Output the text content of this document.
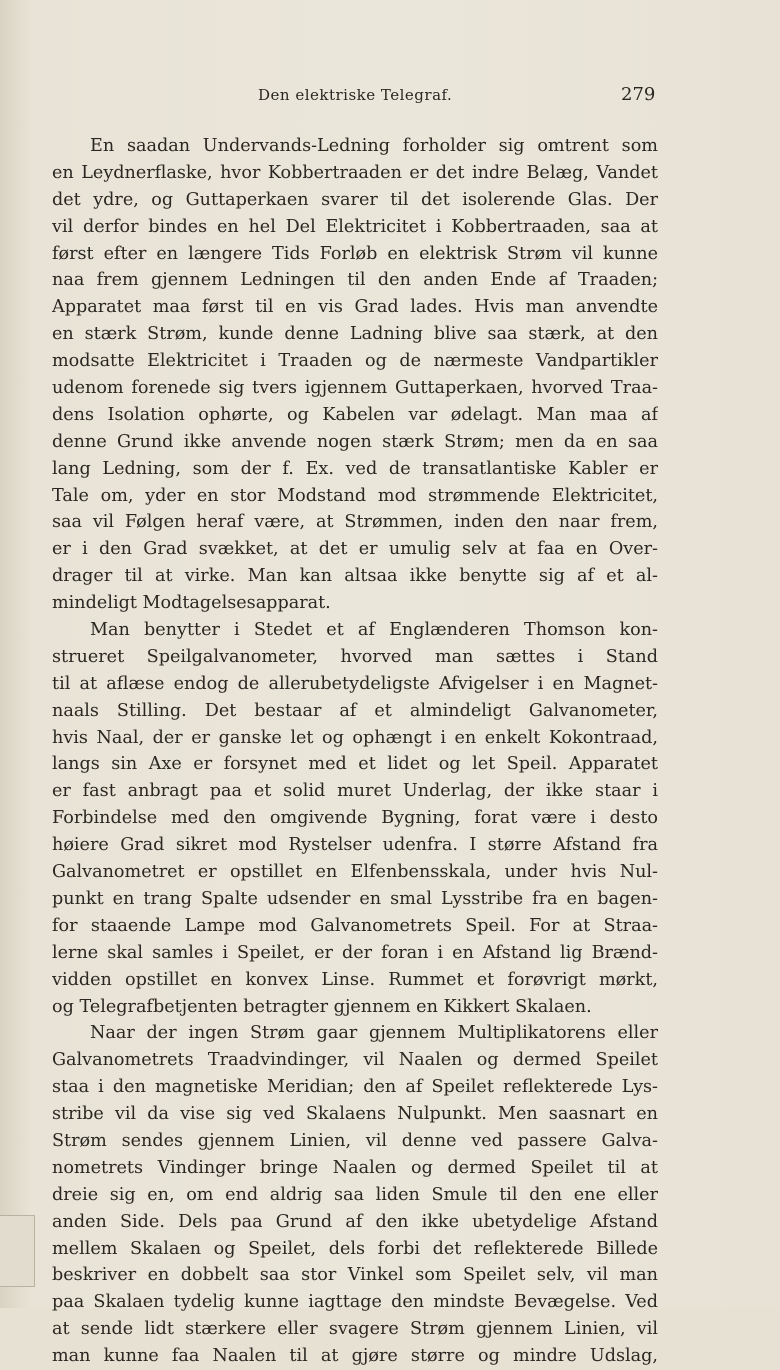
Den elektriske Telegraf.	279
En saadan Undervands-Ledning forholder sig omtrent som
en Leydnerflaske, hvor Kobbertraaden er det indre Belæg, Vandet
det ydre, og Guttaperkaen svarer til det isolerende Glas. Der
vil derfor bindes en hel Del Elektricitet i Kobbertraaden, saa at
først efter en længere Tids Forløb en elektrisk Strøm vil kunne
naa frem gjennem Ledningen til den anden Ende af Traaden;
Apparatet maa først til en vis Grad lades. Hvis man anvendte
en stærk Strøm, kunde denne Ladning blive saa stærk, at den
modsatte Elektricitet i Traaden og de nærmeste Vandpartikler
udenom forenede sig tvers igjennem Guttaperkaen, hvorved Traa-
dens Isolation ophørte, og Kabelen var ødelagt. Man maa af
denne Grund ikke anvende nogen stærk Strøm; men da en saa
lang Ledning, som der f. Ex. ved de transatlantiske Kabler er
Tale om, yder en stor Modstand mod strømmende Elektricitet,
saa vil Følgen heraf være, at Strømmen, inden den naar frem,
er i den Grad svækket, at det er umulig selv at faa en Over-
drager til at virke. Man kan altsaa ikke benytte sig af et al-
mindeligt Modtagelsesapparat.
Man benytter i Stedet et af Englænderen Thomson kon-
strueret Speilgalvanometer, hvorved man sættes i Stand
til at aflæse endog de allerubetydeligste Afvigelser i en Magnet-
naals Stilling. Det bestaar af et almindeligt Galvanometer,
hvis Naal, der er ganske let og ophængt i en enkelt Kokontraad,
langs sin Axe er forsynet med et lidet og let Speil. Apparatet
er fast anbragt paa et solid muret Underlag, der ikke staar i
Forbindelse med den omgivende Bygning, forat være i desto
høiere Grad sikret mod Rystelser udenfra. I større Afstand fra
Galvanometret er opstillet en Elfenbensskala, under hvis Nul-
punkt en trang Spalte udsender en smal Lysstribe fra en bagen-
for staaende Lampe mod Galvanometrets Speil. For at Straa-
lerne skal samles i Speilet, er der foran i en Afstand lig Brænd-
vidden opstillet en konvex Linse. Rummet et forøvrigt mørkt,
og Telegrafbetjenten betragter gjennem en Kikkert Skalaen.
Naar der ingen Strøm gaar gjennem Multiplikatorens eller
Galvanometrets Traadvindinger, vil Naalen og dermed Speilet
staa i den magnetiske Meridian; den af Speilet reflekterede Lys-
stribe vil da vise sig ved Skalaens Nulpunkt. Men saasnart en
Strøm sendes gjennem Linien, vil denne ved passere Galva-
nometrets Vindinger bringe Naalen og dermed Speilet til at
dreie sig en, om end aldrig saa liden Smule til den ene eller
anden Side. Dels paa Grund af den ikke ubetydelige Afstand
mellem Skalaen og Speilet, dels forbi det reflekterede Billede
beskriver en dobbelt saa stor Vinkel som Speilet selv, vil man
paa Skalaen tydelig kunne iagttage den mindste Bevægelse. Ved
at sende lidt stærkere eller svagere Strøm gjennem Linien, vil
man kunne faa Naalen til at gjøre større og mindre Udslag,
